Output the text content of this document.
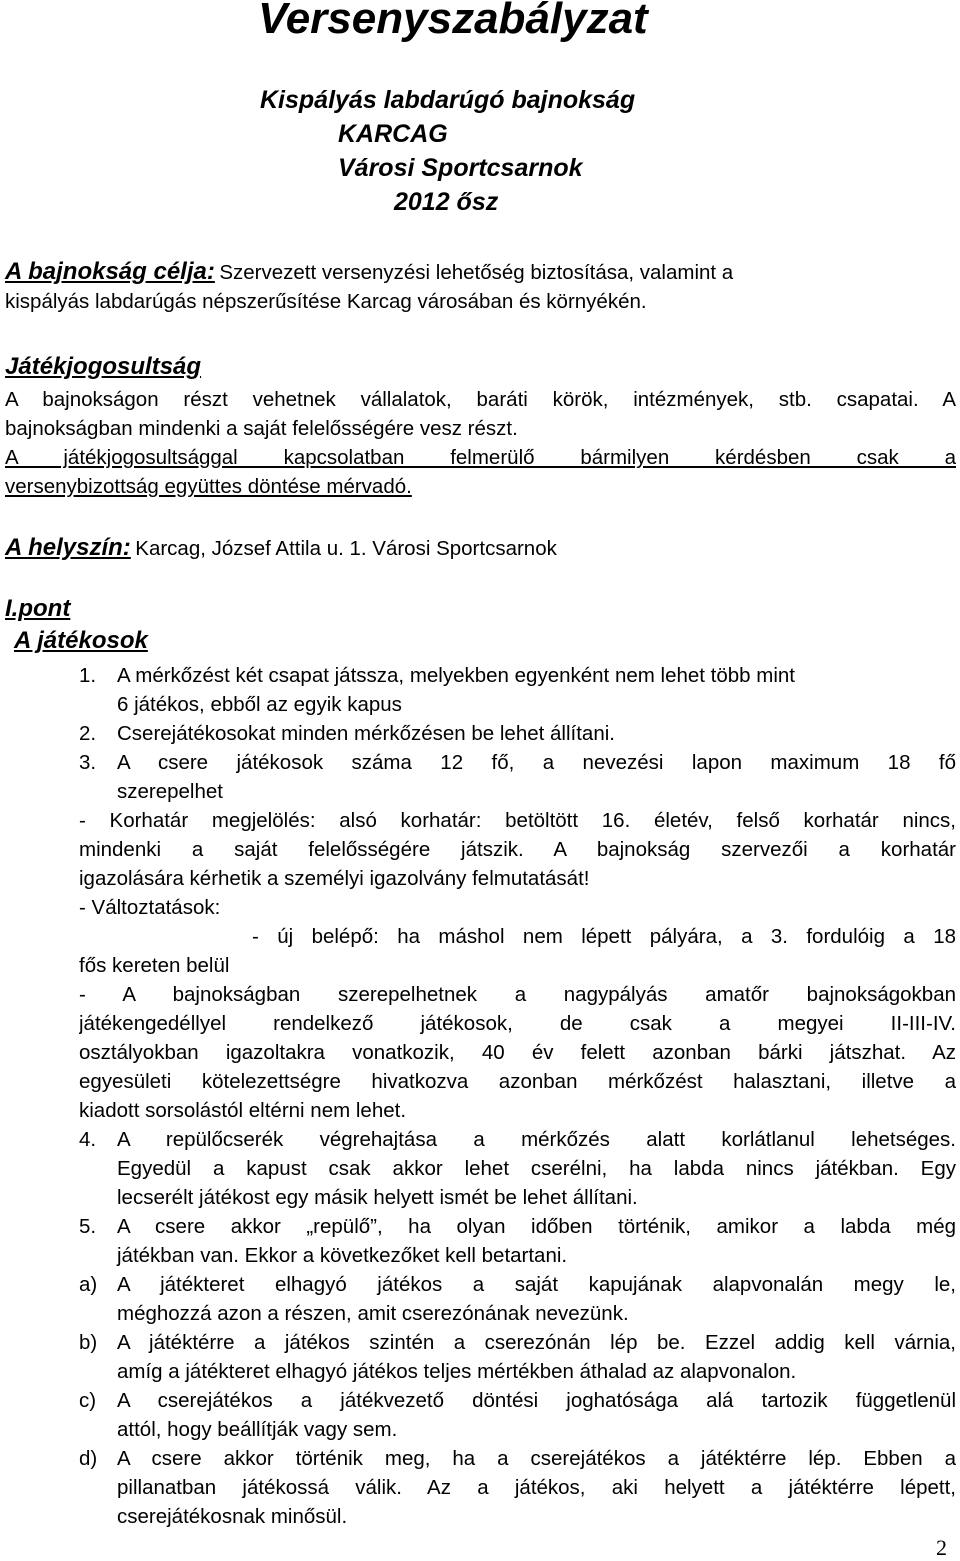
Versenyszabályzat
Kispályás labdarúgó bajnokság
KARCAG
Városi Sportcsarnok
2012 ősz
A bajnokság célja: Szervezett versenyzési lehetőség biztosítása, valamint a
kispályás labdarúgás népszerűsítése Karcag városában és környékén.
Játékjogosultság
A bajnokságon részt vehetnek vállalatok, baráti körök, intézmények, stb. csapatai. A
bajnokságban mindenki a saját felelősségére vesz részt.
A játékjogosultsággal kapcsolatban felmerülő bármilyen kérdésben csak a
versenybizottság együttes döntése mérvadó.
A helyszín: Karcag, József Attila u. 1. Városi Sportcsarnok
I.pont
A játékosok
1. A mérkőzést két csapat játssza, melyekben egyenként nem lehet több mint
6 játékos, ebből az egyik kapus
2. Cserejátékosokat minden mérkőzésen be lehet állítani.
3. A csere játékosok száma 12 fő, a nevezési lapon maximum 18 fő
szerepelhet
- Korhatár megjelölés: alsó korhatár: betöltött 16. életév, felső korhatár nincs,
mindenki a saját felelősségére játszik. A bajnokság szervezői a korhatár
igazolására kérhetik a személyi igazolvány felmutatását!
- Változtatások:
- új belépő: ha máshol nem lépett pályára, a 3. fordulóig a 18
fős kereten belül
- A bajnokságban szerepelhetnek a nagypályás amatőr bajnokságokban
játékengedéllyel rendelkező játékosok, de csak a megyei II-III-IV.
osztályokban igazoltakra vonatkozik, 40 év felett azonban bárki játszhat. Az
egyesületi kötelezettségre hivatkozva azonban mérkőzést halasztani, illetve a
kiadott sorsolástól eltérni nem lehet.
4. A repülőcserék végrehajtása a mérkőzés alatt korlátlanul lehetséges.
Egyedül a kapust csak akkor lehet cserélni, ha labda nincs játékban. Egy
lecserélt játékost egy másik helyett ismét be lehet állítani.
5. A csere akkor „repülő”, ha olyan időben történik, amikor a labda még
játékban van. Ekkor a következőket kell betartani.
a) A játékteret elhagyó játékos a saját kapujának alapvonalán megy le,
méghozzá azon a részen, amit cserezónának nevezünk.
b) A játéktérre a játékos szintén a cserezónán lép be. Ezzel addig kell várnia,
amíg a játékteret elhagyó játékos teljes mértékben áthalad az alapvonalon.
c) A cserejátékos a játékvezető döntési joghatósága alá tartozik függetlenül
attól, hogy beállítják vagy sem.
d) A csere akkor történik meg, ha a cserejátékos a játéktérre lép. Ebben a
pillanatban játékossá válik. Az a játékos, aki helyett a játéktérre lépett,
cserejátékosnak minősül.
2
